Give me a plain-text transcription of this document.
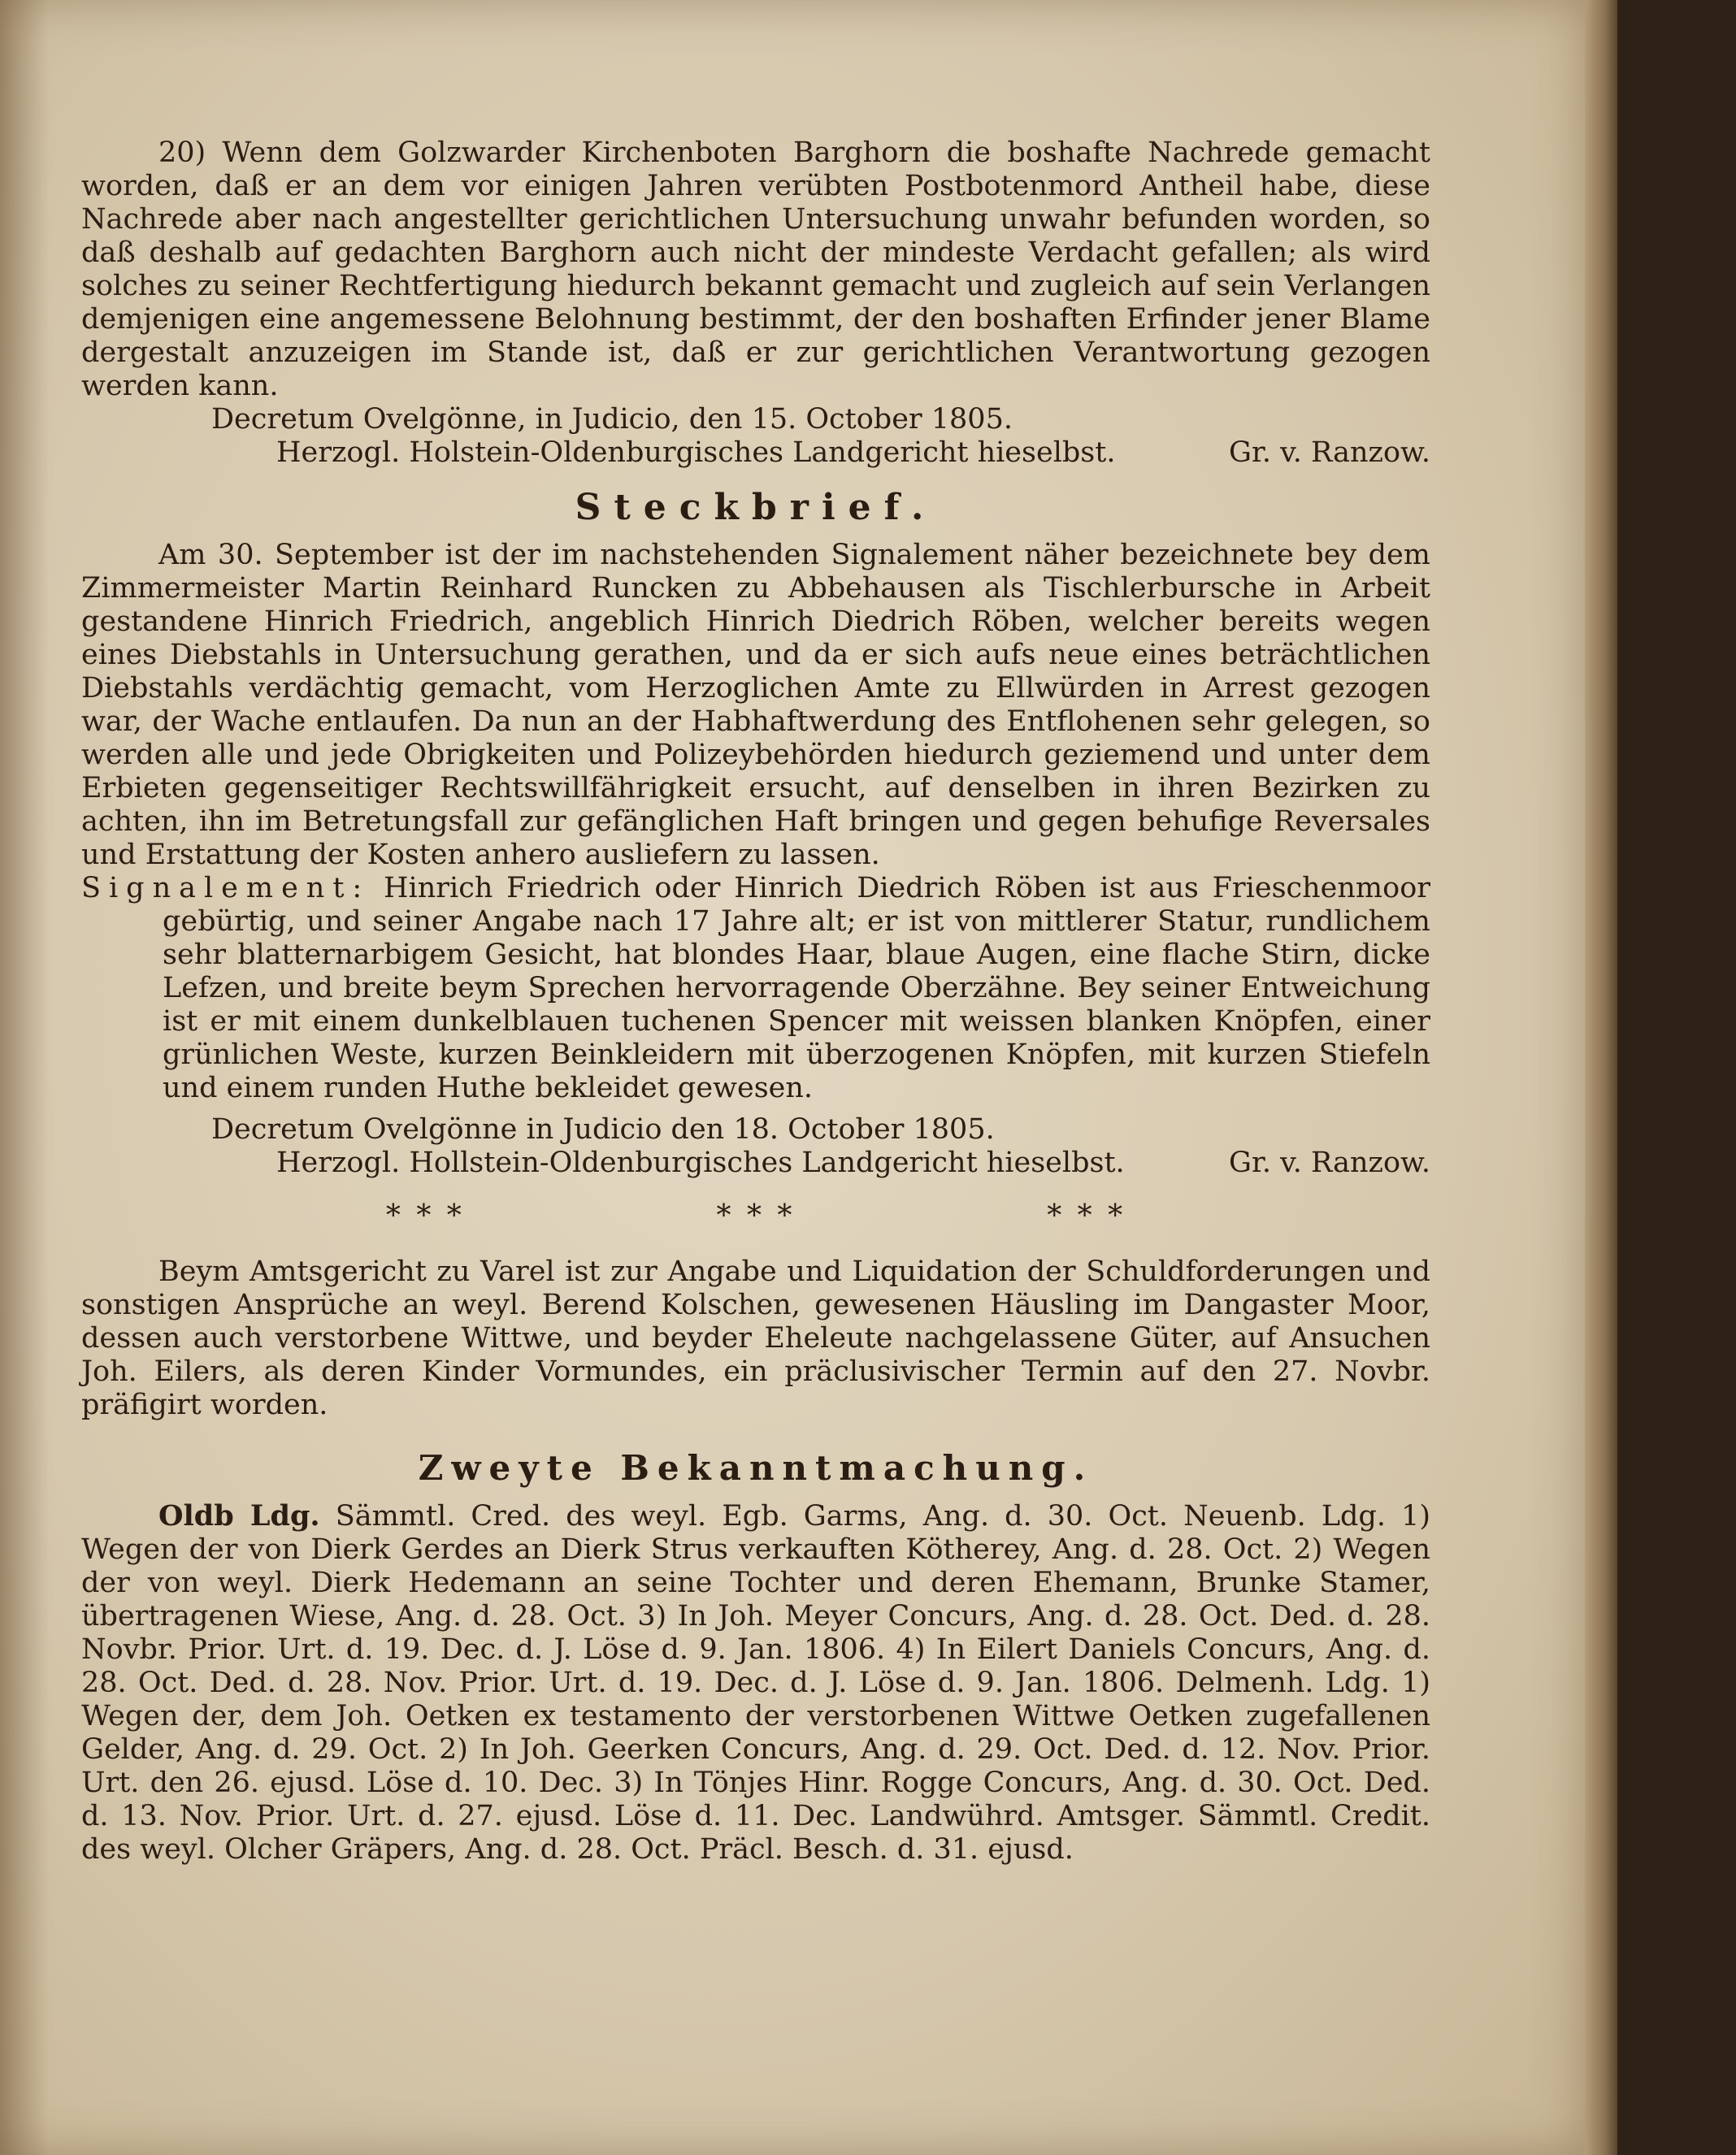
20) Wenn dem Golzwarder Kirchenboten Barghorn die boshafte Nachrede gemacht worden, daß er an dem vor einigen Jahren verübten Postbotenmord Antheil habe, diese Nachrede aber nach angestellter gerichtlichen Untersuchung unwahr befunden worden, so daß deshalb auf gedachten Barghorn auch nicht der mindeste Verdacht gefallen; als wird solches zu seiner Rechtfertigung hiedurch bekannt gemacht und zugleich auf sein Verlangen demjenigen eine angemessene Belohnung bestimmt, der den boshaften Erfinder jener Blame dergestalt anzuzeigen im Stande ist, daß er zur gerichtlichen Verantwortung gezogen werden kann.

Decretum Ovelgönne, in Judicio, den 15. October 1805.

Herzogl. Holstein-Oldenburgisches Landgericht hieselbst.	Gr. v. Ranzow.
Steckbrief.

Am 30. September ist der im nachstehenden Signalement näher bezeichnete bey dem Zimmermeister Martin Reinhard Runcken zu Abbehausen als Tischlerbursche in Arbeit gestandene Hinrich Friedrich, angeblich Hinrich Diedrich Röben, welcher bereits wegen eines Diebstahls in Untersuchung gerathen, und da er sich aufs neue eines beträchtlichen Diebstahls verdächtig gemacht, vom Herzoglichen Amte zu Ellwürden in Arrest gezogen war, der Wache entlaufen. Da nun an der Habhaftwerdung des Entflohenen sehr gelegen, so werden alle und jede Obrigkeiten und Polizeybehörden hiedurch geziemend und unter dem Erbieten gegenseitiger Rechtswillfährigkeit ersucht, auf denselben in ihren Bezirken zu achten, ihn im Betretungsfall zur gefänglichen Haft bringen und gegen behufige Reversales und Erstattung der Kosten anhero ausliefern zu lassen.

Signalement: Hinrich Friedrich oder Hinrich Diedrich Röben ist aus Frieschenmoor gebürtig, und seiner Angabe nach 17 Jahre alt; er ist von mittlerer Statur, rundlichem sehr blatternarbigem Gesicht, hat blondes Haar, blaue Augen, eine flache Stirn, dicke Lefzen, und breite beym Sprechen hervorragende Oberzähne. Bey seiner Entweichung ist er mit einem dunkelblauen tuchenen Spencer mit weissen blanken Knöpfen, einer grünlichen Weste, kurzen Beinkleidern mit überzogenen Knöpfen, mit kurzen Stiefeln und einem runden Huthe bekleidet gewesen.

Decretum Ovelgönne in Judicio den 18. October 1805.

Herzogl. Hollstein-Oldenburgisches Landgericht hieselbst.	Gr. v. Ranzow.
* * *	* * *	* * *

Beym Amtsgericht zu Varel ist zur Angabe und Liquidation der Schuldforderungen und sonstigen Ansprüche an weyl. Berend Kolschen, gewesenen Häusling im Dangaster Moor, dessen auch verstorbene Wittwe, und beyder Eheleute nachgelassene Güter, auf Ansuchen Joh. Eilers, als deren Kinder Vormundes, ein präclusivischer Termin auf den 27. Novbr. präfigirt worden.

Zweyte Bekanntmachung.

Oldb Ldg. Sämmtl. Cred. des weyl. Egb. Garms, Ang. d. 30. Oct. Neuenb. Ldg. 1) Wegen der von Dierk Gerdes an Dierk Strus verkauften Kötherey, Ang. d. 28. Oct. 2) Wegen der von weyl. Dierk Hedemann an seine Tochter und deren Ehemann, Brunke Stamer, übertragenen Wiese, Ang. d. 28. Oct. 3) In Joh. Meyer Concurs, Ang. d. 28. Oct. Ded. d. 28. Novbr. Prior. Urt. d. 19. Dec. d. J. Löse d. 9. Jan. 1806. 4) In Eilert Daniels Concurs, Ang. d. 28. Oct. Ded. d. 28. Nov. Prior. Urt. d. 19. Dec. d. J. Löse d. 9. Jan. 1806. Delmenh. Ldg. 1) Wegen der, dem Joh. Oetken ex testamento der verstorbenen Wittwe Oetken zugefallenen Gelder, Ang. d. 29. Oct. 2) In Joh. Geerken Concurs, Ang. d. 29. Oct. Ded. d. 12. Nov. Prior. Urt. den 26. ejusd. Löse d. 10. Dec. 3) In Tönjes Hinr. Rogge Concurs, Ang. d. 30. Oct. Ded. d. 13. Nov. Prior. Urt. d. 27. ejusd. Löse d. 11. Dec. Landwührd. Amtsger. Sämmtl. Credit. des weyl. Olcher Gräpers, Ang. d. 28. Oct. Präcl. Besch. d. 31. ejusd.
